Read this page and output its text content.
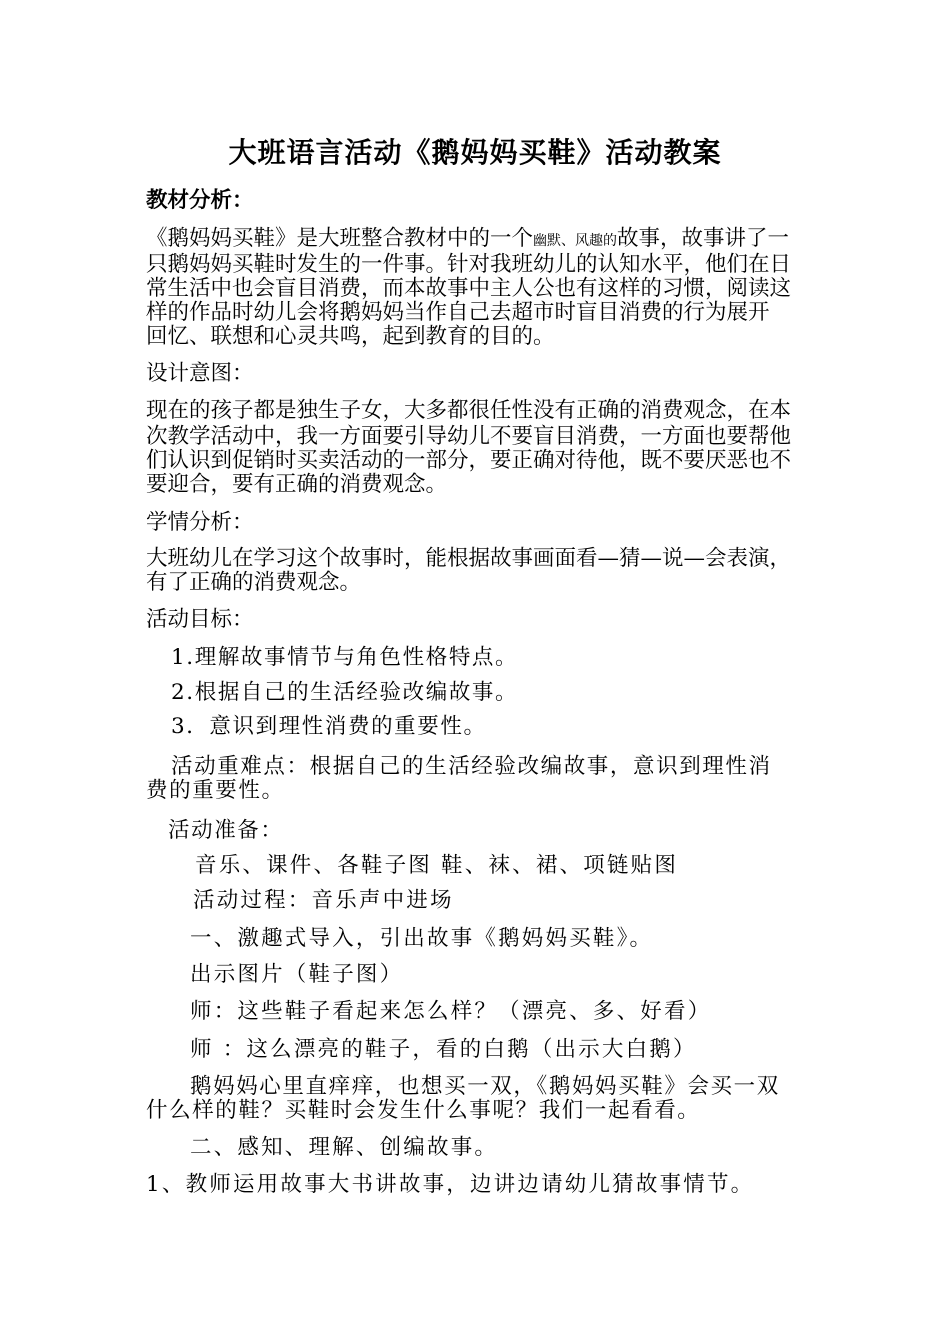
大班语言活动《鹅妈妈买鞋》活动教案
教材分析：
《鹅妈妈买鞋》是大班整合教材中的一个幽默、风趣的故事，故事讲了一
只鹅妈妈买鞋时发生的一件事。针对我班幼儿的认知水平，他们在日
常生活中也会盲目消费，而本故事中主人公也有这样的习惯，阅读这
样的作品时幼儿会将鹅妈妈当作自己去超市时盲目消费的行为展开
回忆、联想和心灵共鸣，起到教育的目的。
设计意图：
现在的孩子都是独生子女，大多都很任性没有正确的消费观念，在本
次教学活动中，我一方面要引导幼儿不要盲目消费，一方面也要帮他
们认识到促销时买卖活动的一部分，要正确对待他，既不要厌恶也不
要迎合，要有正确的消费观念。
学情分析：
大班幼儿在学习这个故事时，能根据故事画面看—猜—说—会表演，
有了正确的消费观念。
活动目标：
1.理解故事情节与角色性格特点。
2.根据自己的生活经验改编故事。
3．意识到理性消费的重要性。
活动重难点：根据自己的生活经验改编故事，意识到理性消
费的重要性。
活动准备：
音乐、课件、各鞋子图 鞋、袜、裙、项链贴图
活动过程：音乐声中进场
一、激趣式导入，引出故事《鹅妈妈买鞋》。
出示图片（鞋子图）
师：这些鞋子看起来怎么样？（漂亮、多、好看）
师 ：这么漂亮的鞋子，看的白鹅（出示大白鹅）
鹅妈妈心里直痒痒，也想买一双，《鹅妈妈买鞋》会买一双
什么样的鞋？买鞋时会发生什么事呢？我们一起看看。
二、感知、理解、创编故事。
1、教师运用故事大书讲故事，边讲边请幼儿猜故事情节。
